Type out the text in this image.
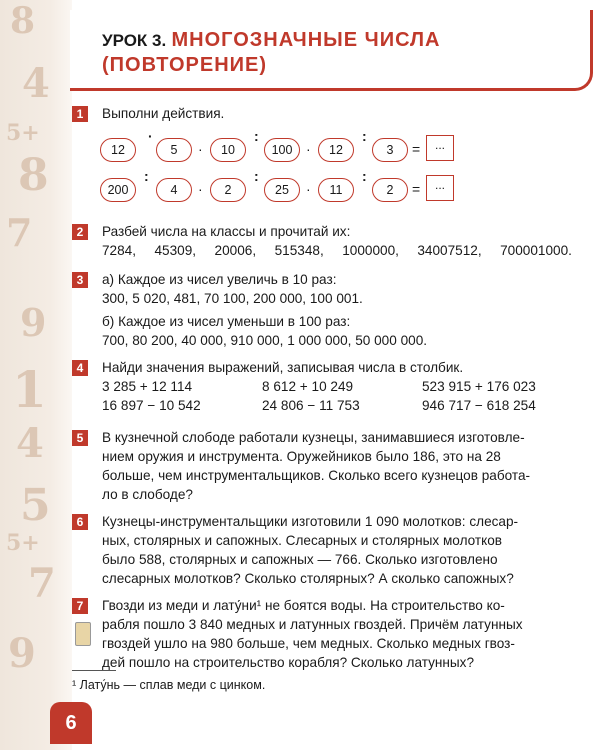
8
4
5+
8
7
9
1
4
5
5+
7
9
УРОК 3. МНОГОЗНАЧНЫЕ ЧИСЛА
(ПОВТОРЕНИЕ)
1	Выполни действия.
12
·
5	·	10
:
100 ·	12
:
3	=	...
200
:
4	·	2
:
25	·	11
:
2	=	...
2	Разбей числа на классы и прочитай их:
7284, 45309, 20006, 515348, 1000000, 34007512, 700001000.
3	а) Каждое из чисел увеличь в 10 раз:
300, 5 020, 481, 70 100, 200 000, 100 001.
б) Каждое из чисел уменьши в 100 раз:
700, 80 200, 40 000, 910 000, 1 000 000, 50 000 000.
4	Найди значения выражений, записывая числа в столбик.
3 285 + 12 114	8 612 + 10 249	523 915 + 176 023
16 897 − 10 542	24 806 − 11 753	946 717 − 618 254
5	В кузнечной слободе работали кузнецы, занимавшиеся изготовле-
нием оружия и инструмента. Оружейников было 186, это на 28
больше, чем инструментальщиков. Сколько всего кузнецов работа-
ло в слободе?
6	Кузнецы-инструментальщики изготовили 1 090 молотков: слесар-
ных, столярных и сапожных. Слесарных и столярных молотков
было 588, столярных и сапожных — 766. Сколько изготовлено
слесарных молотков? Сколько столярных? А сколько сапожных?
7	Гвозди из меди и лату́ни¹ не боятся воды. На строительство ко-
рабля пошло 3 840 медных и латунных гвоздей. Причём латунных
гвоздей ушло на 980 больше, чем медных. Сколько медных гвоз-
дей пошло на строительство корабля? Сколько латунных?
¹ Лату́нь — сплав меди с цинком.
6
